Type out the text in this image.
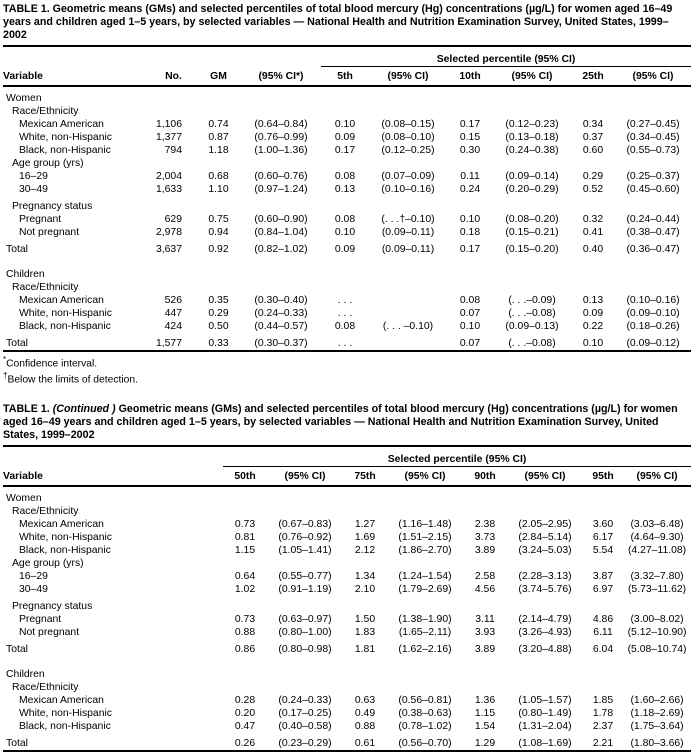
TABLE 1. Geometric means (GMs) and selected percentiles of total blood mercury (Hg) concentrations (µg/L) for women aged 16–49 years and children aged 1–5 years, by selected variables — National Health and Nutrition Examination Survey, United States, 1999–2002
				Selected percentile (95% CI)					
Variable	No.	GM	(95% CI*)	5th	(95% CI)	10th	(95% CI)	25th	(95% CI)
Women									
Race/Ethnicity									
Mexican American	1,106	0.74	(0.64–0.84)	0.10	(0.08–0.15)	0.17	(0.12–0.23)	0.34	(0.27–0.45)
White, non-Hispanic	1,377	0.87	(0.76–0.99)	0.09	(0.08–0.10)	0.15	(0.13–0.18)	0.37	(0.34–0.45)
Black, non-Hispanic	794	1.18	(1.00–1.36)	0.17	(0.12–0.25)	0.30	(0.24–0.38)	0.60	(0.55–0.73)
Age group (yrs)									
16–29	2,004	0.68	(0.60–0.76)	0.08	(0.07–0.09)	0.11	(0.09–0.14)	0.29	(0.25–0.37)
30–49	1,633	1.10	(0.97–1.24)	0.13	(0.10–0.16)	0.24	(0.20–0.29)	0.52	(0.45–0.60)
Pregnancy status									
Pregnant	629	0.75	(0.60–0.90)	0.08	(. . .†–0.10)	0.10	(0.08–0.20)	0.32	(0.24–0.44)
Not pregnant	2,978	0.94	(0.84–1.04)	0.10	(0.09–0.11)	0.18	(0.15–0.21)	0.41	(0.38–0.47)
Total	3,637	0.92	(0.82–1.02)	0.09	(0.09–0.11)	0.17	(0.15–0.20)	0.40	(0.36–0.47)

Children									
Race/Ethnicity									
Mexican American	526	0.35	(0.30–0.40)	. . .		0.08	(. . .–0.09)	0.13	(0.10–0.16)
White, non-Hispanic	447	0.29	(0.24–0.33)	. . .		0.07	(. . .–0.08)	0.09	(0.09–0.10)
Black, non-Hispanic	424	0.50	(0.44–0.57)	0.08	(. . . –0.10)	0.10	(0.09–0.13)	0.22	(0.18–0.26)
Total	1,577	0.33	(0.30–0.37)	. . .		0.07	(. . .–0.08)	0.10	(0.09–0.12)
*Confidence interval.
†Below the limits of detection.
TABLE 1. (Continued ) Geometric means (GMs) and selected percentiles of total blood mercury (Hg) concentrations (µg/L) for women aged 16–49 years and children aged 1–5 years, by selected variables — National Health and Nutrition Examination Survey, United States, 1999–2002
	Selected percentile (95% CI)							
Variable	50th	(95% CI)	75th	(95% CI)	90th	(95% CI)	95th	(95% CI)
Women								
Race/Ethnicity								
Mexican American	0.73	(0.67–0.83)	1.27	(1.16–1.48)	2.38	(2.05–2.95)	3.60	(3.03–6.48)
White, non-Hispanic	0.81	(0.76–0.92)	1.69	(1.51–2.15)	3.73	(2.84–5.14)	6.17	(4.64–9.30)
Black, non-Hispanic	1.15	(1.05–1.41)	2.12	(1.86–2.70)	3.89	(3.24–5.03)	5.54	(4.27–11.08)
Age group (yrs)								
16–29	0.64	(0.55–0.77)	1.34	(1.24–1.54)	2.58	(2.28–3.13)	3.87	(3.32–7.80)
30–49	1.02	(0.91–1.19)	2.10	(1.79–2.69)	4.56	(3.74–5.76)	6.97	(5.73–11.62)
Pregnancy status								
Pregnant	0.73	(0.63–0.97)	1.50	(1.38–1.90)	3.11	(2.14–4.79)	4.86	(3.00–8.02)
Not pregnant	0.88	(0.80–1.00)	1.83	(1.65–2.11)	3.93	(3.26–4.93)	6.11	(5.12–10.90)
Total	0.86	(0.80–0.98)	1.81	(1.62–2.16)	3.89	(3.20–4.88)	6.04	(5.08–10.74)

Children								
Race/Ethnicity								
Mexican American	0.28	(0.24–0.33)	0.63	(0.56–0.81)	1.36	(1.05–1.57)	1.85	(1.60–2.66)
White, non-Hispanic	0.20	(0.17–0.25)	0.49	(0.38–0.63)	1.15	(0.80–1.49)	1.78	(1.18–2.69)
Black, non-Hispanic	0.47	(0.40–0.58)	0.88	(0.78–1.02)	1.54	(1.31–2.04)	2.37	(1.75–3.64)
Total	0.26	(0.23–0.29)	0.61	(0.56–0.70)	1.29	(1.08–1.69)	2.21	(1.80–3.66)
